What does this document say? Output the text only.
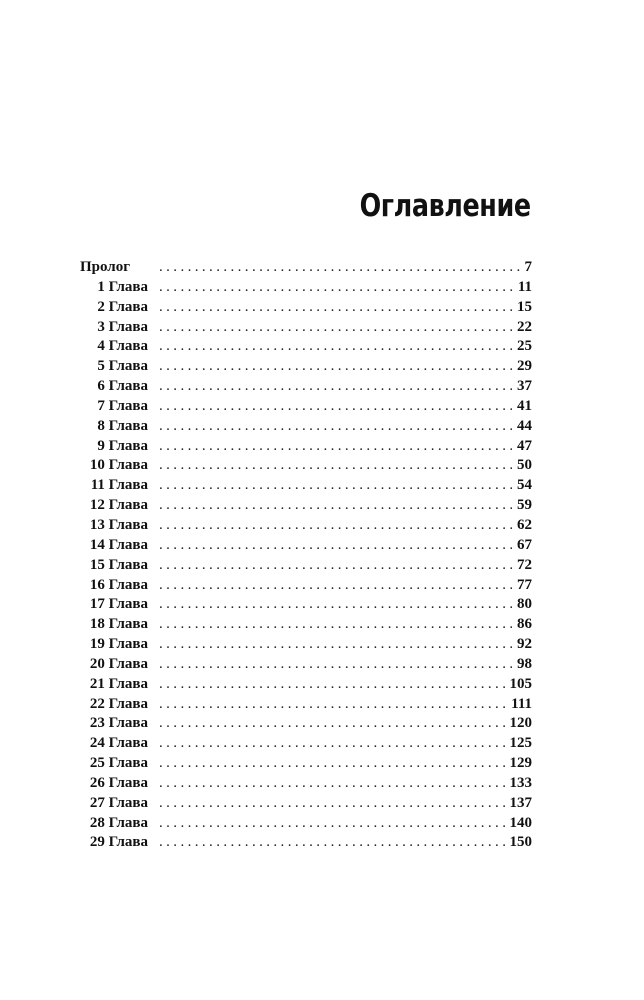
Оглавление
Пролог .....	7
1 Глава .....	11
2 Глава .....	15
3 Глава .....	22
4 Глава .....	25
5 Глава .....	29
6 Глава .....	37
7 Глава .....	41
8 Глава .....	44
9 Глава .....	47
10 Глава .....	50
11 Глава .....	54
12 Глава .....	59
13 Глава .....	62
14 Глава .....	67
15 Глава .....	72
16 Глава .....	77
17 Глава .....	80
18 Глава .....	86
19 Глава .....	92
20 Глава .....	98
21 Глава .....	105
22 Глава .....	111
23 Глава .....	120
24 Глава .....	125
25 Глава .....	129
26 Глава .....	133
27 Глава .....	137
28 Глава .....	140
29 Глава .....	150
